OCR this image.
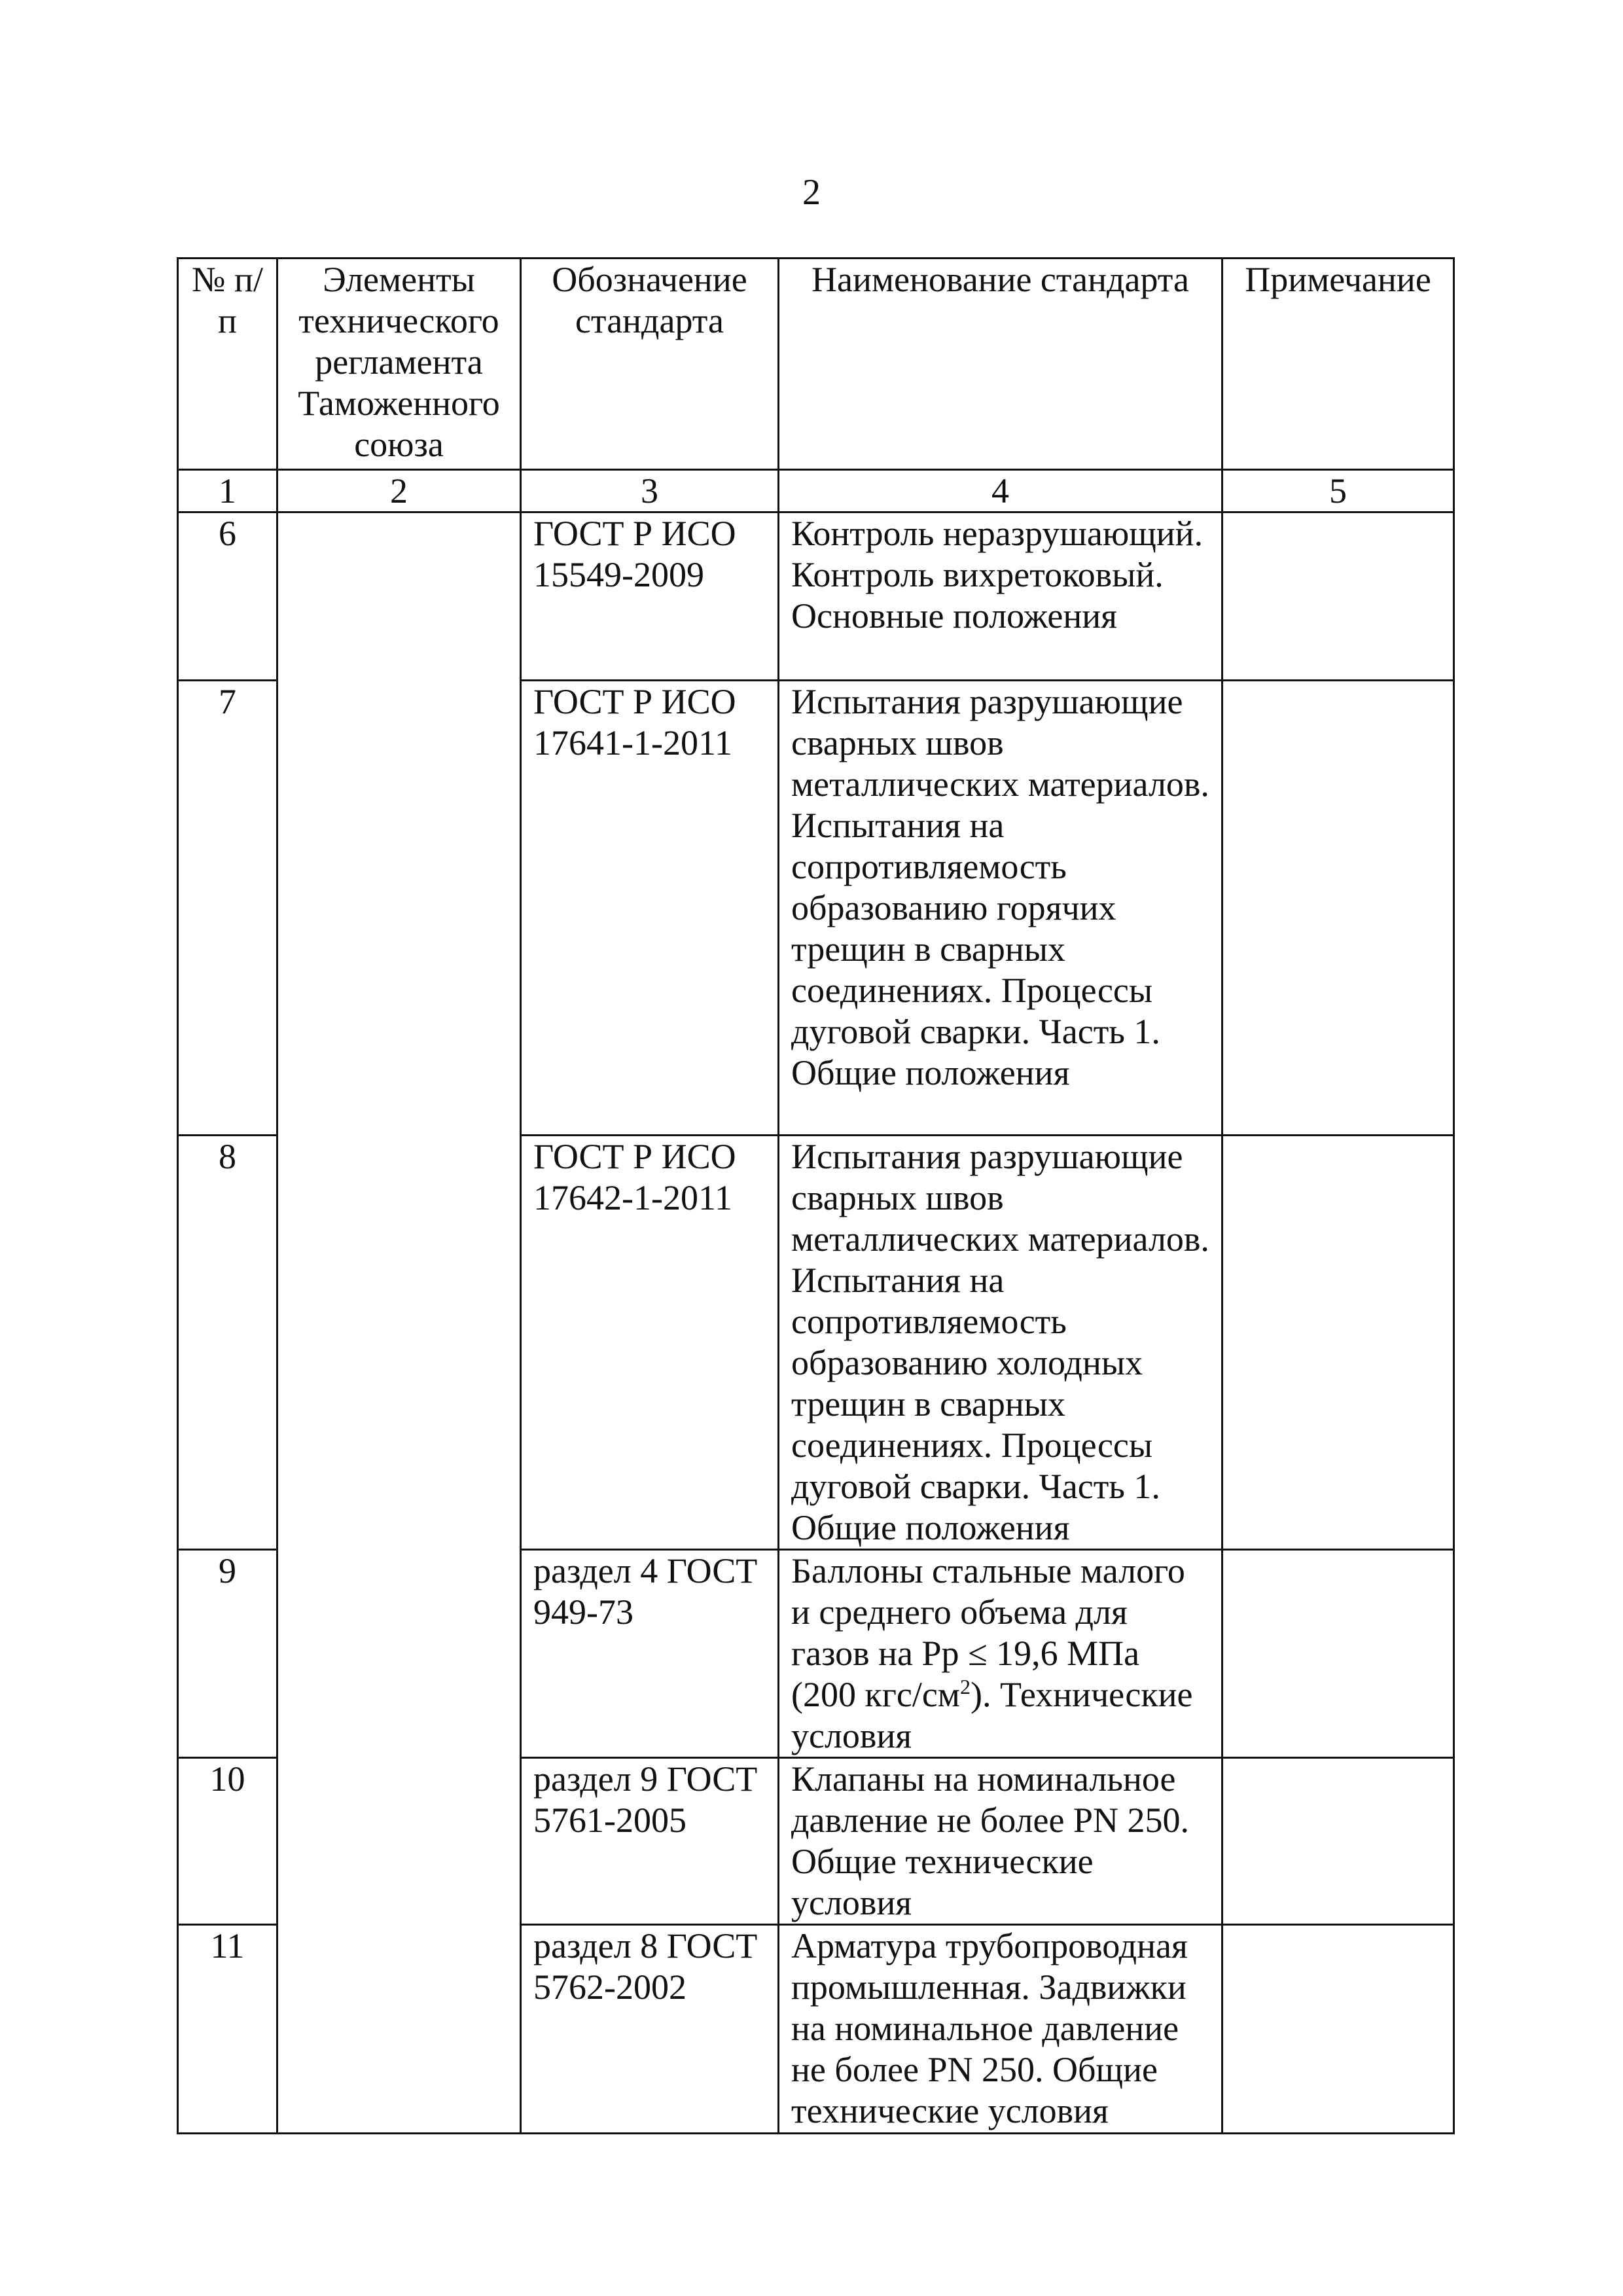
2
№ п/п	Элементы технического регламента Таможенного союза	Обозначение стандарта	Наименование стандарта	Примечание
1	2	3	4	5
6		ГОСТ Р ИСО 15549-2009	Контроль неразрушающий. Контроль вихретоковый. Основные положения	
7		ГОСТ Р ИСО 17641-1-2011	Испытания разрушающие сварных швов металлических материалов. Испытания на сопротивляемость образованию горячих трещин в сварных соединениях. Процессы дуговой сварки. Часть 1. Общие положения	
8		ГОСТ Р ИСО 17642-1-2011	Испытания разрушающие сварных швов металлических материалов. Испытания на сопротивляемость образованию холодных трещин в сварных соединениях. Процессы дуговой сварки. Часть 1. Общие положения	
9		раздел 4 ГОСТ 949-73	Баллоны стальные малого и среднего объема для газов на Рр ≤ 19,6 МПа (200 кгс/$см^2$). Технические условия	
10		раздел 9 ГОСТ 5761-2005	Клапаны на номинальное давление не более PN 250. Общие технические условия	
11		раздел 8 ГОСТ 5762-2002	Арматура трубопроводная промышленная. Задвижки на номинальное давление не более PN 250. Общие технические условия	
